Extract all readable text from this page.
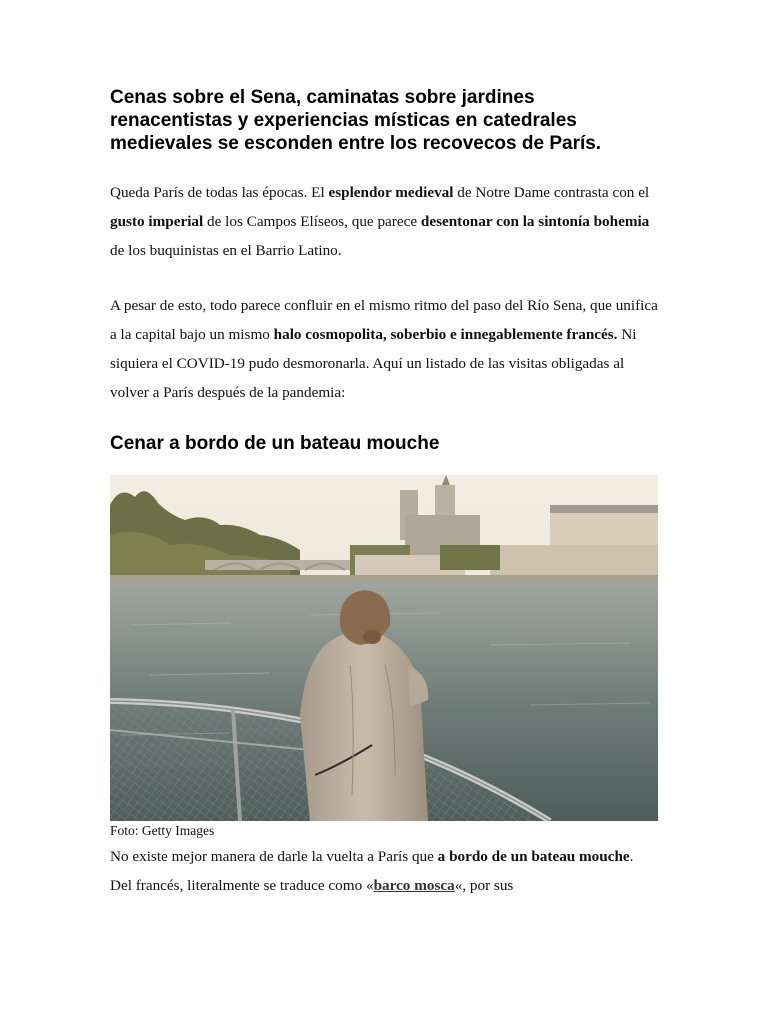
Cenas sobre el Sena, caminatas sobre jardines renacentistas y experiencias místicas en catedrales medievales se esconden entre los recovecos de París.

Queda París de todas las épocas. El esplendor medieval de Notre Dame contrasta con el gusto imperial de los Campos Elíseos, que parece desentonar con la sintonía bohemia de los buquinistas en el Barrio Latino.

A pesar de esto, todo parece confluir en el mismo ritmo del paso del Río Sena, que unifica a la capital bajo un mismo halo cosmopolita, soberbio e innegablemente francés. Ni siquiera el COVID-19 pudo desmoronarla. Aquí un listado de las visitas obligadas al volver a París después de la pandemia:

Cenar a bordo de un bateau mouche
Foto: Getty Images

No existe mejor manera de darle la vuelta a París que a bordo de un bateau mouche. Del francés, literalmente se traduce como «barco mosca«, por sus
